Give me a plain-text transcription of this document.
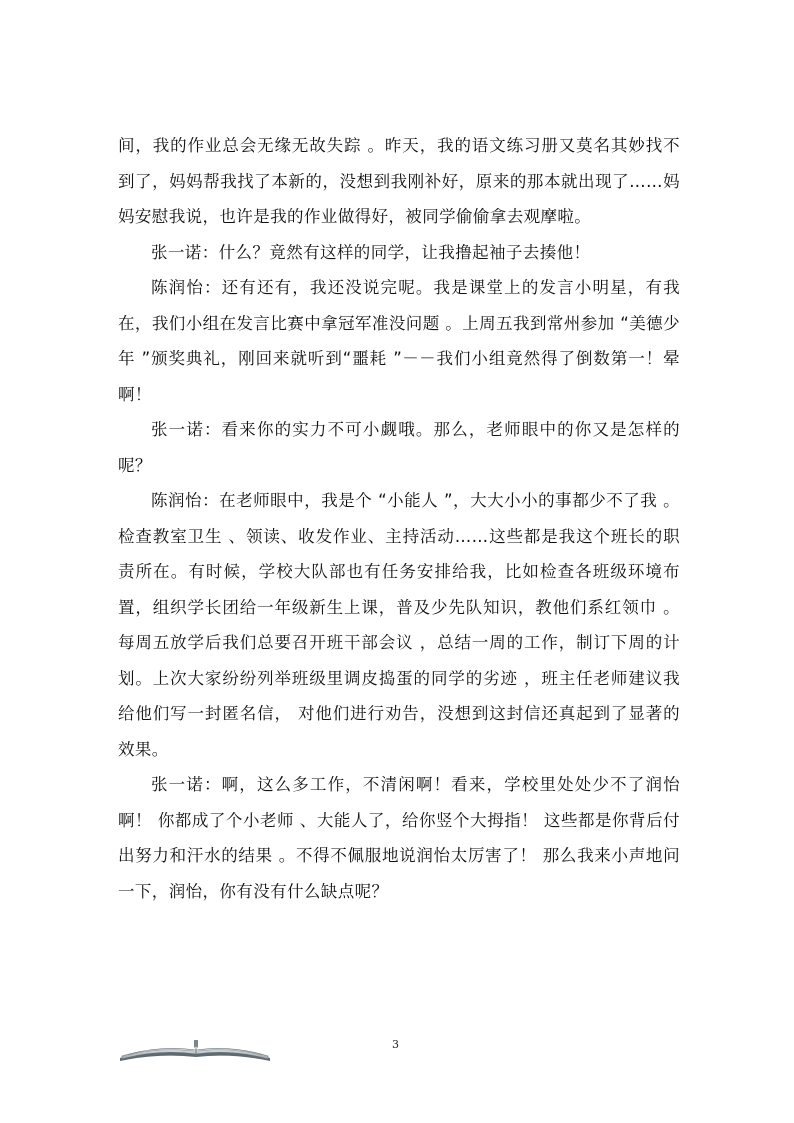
间，我的作业总会无缘无故失踪 。昨天，我的语文练习册又莫名其妙找不到了，妈妈帮我找了本新的，没想到我刚补好，原来的那本就出现了……妈妈安慰我说，也许是我的作业做得好，被同学偷偷拿去观摩啦。

张一诺：什么？竟然有这样的同学，让我撸起袖子去揍他！

陈润怡：还有还有，我还没说完呢。我是课堂上的发言小明星，有我在，我们小组在发言比赛中拿冠军准没问题 。上周五我到常州参加 “美德少年 ”颁奖典礼，刚回来就听到“噩耗 ”－－我们小组竟然得了倒数第一！晕啊！

张一诺：看来你的实力不可小觑哦。那么，老师眼中的你又是怎样的呢？

陈润怡：在老师眼中，我是个 “小能人 ”，大大小小的事都少不了我 。检查教室卫生 、领读、收发作业、主持活动……这些都是我这个班长的职责所在。有时候，学校大队部也有任务安排给我，比如检查各班级环境布置，组织学长团给一年级新生上课，普及少先队知识，教他们系红领巾 。每周五放学后我们总要召开班干部会议 ，总结一周的工作，制订下周的计划。上次大家纷纷列举班级里调皮捣蛋的同学的劣迹 ，班主任老师建议我给他们写一封匿名信， 对他们进行劝告，没想到这封信还真起到了显著的效果。

张一诺：啊，这么多工作，不清闲啊！看来，学校里处处少不了润怡啊！ 你都成了个小老师 、大能人了，给你竖个大拇指！ 这些都是你背后付出努力和汗水的结果 。不得不佩服地说润怡太厉害了！ 那么我来小声地问一下，润怡，你有没有什么缺点呢？

3
